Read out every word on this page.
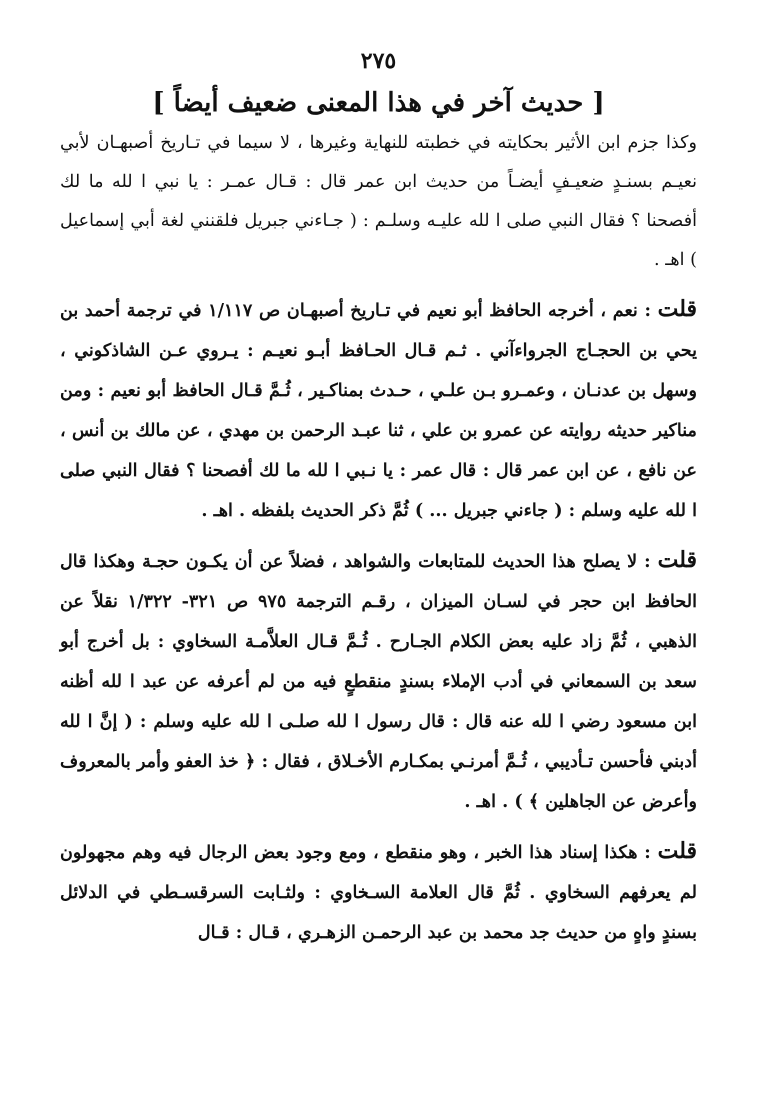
٢٧٥
[ حديث آخر في هذا المعنى ضعيف أيضاً ]

وكذا جزم ابن الأثير بحكايته في خطبته للنهاية وغيرها ، لا سيما في تـاريخ أصبهـان لأبي نعيـم بسنـدٍ ضعيـفٍ أيضـاً من حديث ابن عمر قال : قـال عمـر : يا نبي ا لله ما لك أفصحنا ؟ فقال النبي صلى ا لله عليـه وسلـم : ( جـاءني جبريل فلقنني لغة أبي إسماعيل ) اهـ .

قلت : نعم ، أخرجه الحافظ أبو نعيم في تـاريخ أصبهـان ص ١/١١٧ في ترجمة أحمد بن يحي بن الحجـاج الجرواءآني . ثـم قـال الحـافظ أبـو نعيـم : يـروي عـن الشاذكوني ، وسهل بن عدنـان ، وعمـرو بـن علـي ، حـدث بمناكـير ، ثُـمَّ قـال الحافظ أبو نعيم : ومن مناكير حديثه روايته عن عمرو بن علي ، ثنا عبـد الرحمن بن مهدي ، عن مالك بن أنس ، عن نافع ، عن ابن عمر قال : قال عمر : يا نـبي ا لله ما لك أفصحنا ؟ فقال النبي صلى ا لله عليه وسلم : ( جاءني جبريل ... ) ثُمَّ ذكر الحديث بلفظه . اهـ .

قلت : لا يصلح هذا الحديث للمتابعات والشواهد ، فضلاً عن أن يكـون حجـة وهكذا قال الحافظ ابن حجر في لسـان الميزان ، رقـم الترجمة ٩٧٥ ص ٣٢١- ١/٣٢٢ نقلاً عن الذهبي ، ثُمَّ زاد عليه بعض الكلام الجـارح . ثُـمَّ قـال العلاَّمـة السخاوي : بل أخرج أبو سعد بن السمعاني في أدب الإملاء بسندٍ منقطعٍ فيه من لم أعرفه عن عبد ا لله أظنه ابن مسعود رضي ا لله عنه قال : قال رسول ا لله صلـى ا لله عليه وسلم : ( إنَّ ا لله أدبني فأحسن تـأديبي ، ثُـمَّ أمرنـي بمكـارم الأخـلاق ، فقال : ﴿ خذ العفو وأمر بالمعروف وأعرض عن الجاهلين ﴾ ) . اهـ .

قلت : هكذا إسناد هذا الخبر ، وهو منقطع ، ومع وجود بعض الرجال فيه وهم مجهولون لم يعرفهم السخاوي . ثُمَّ قال العلامة السـخاوي : ولثـابت السرقسـطي في الدلائل بسندٍ واهٍ من حديث جد محمد بن عبد الرحمـن الزهـري ، قـال : قـال
